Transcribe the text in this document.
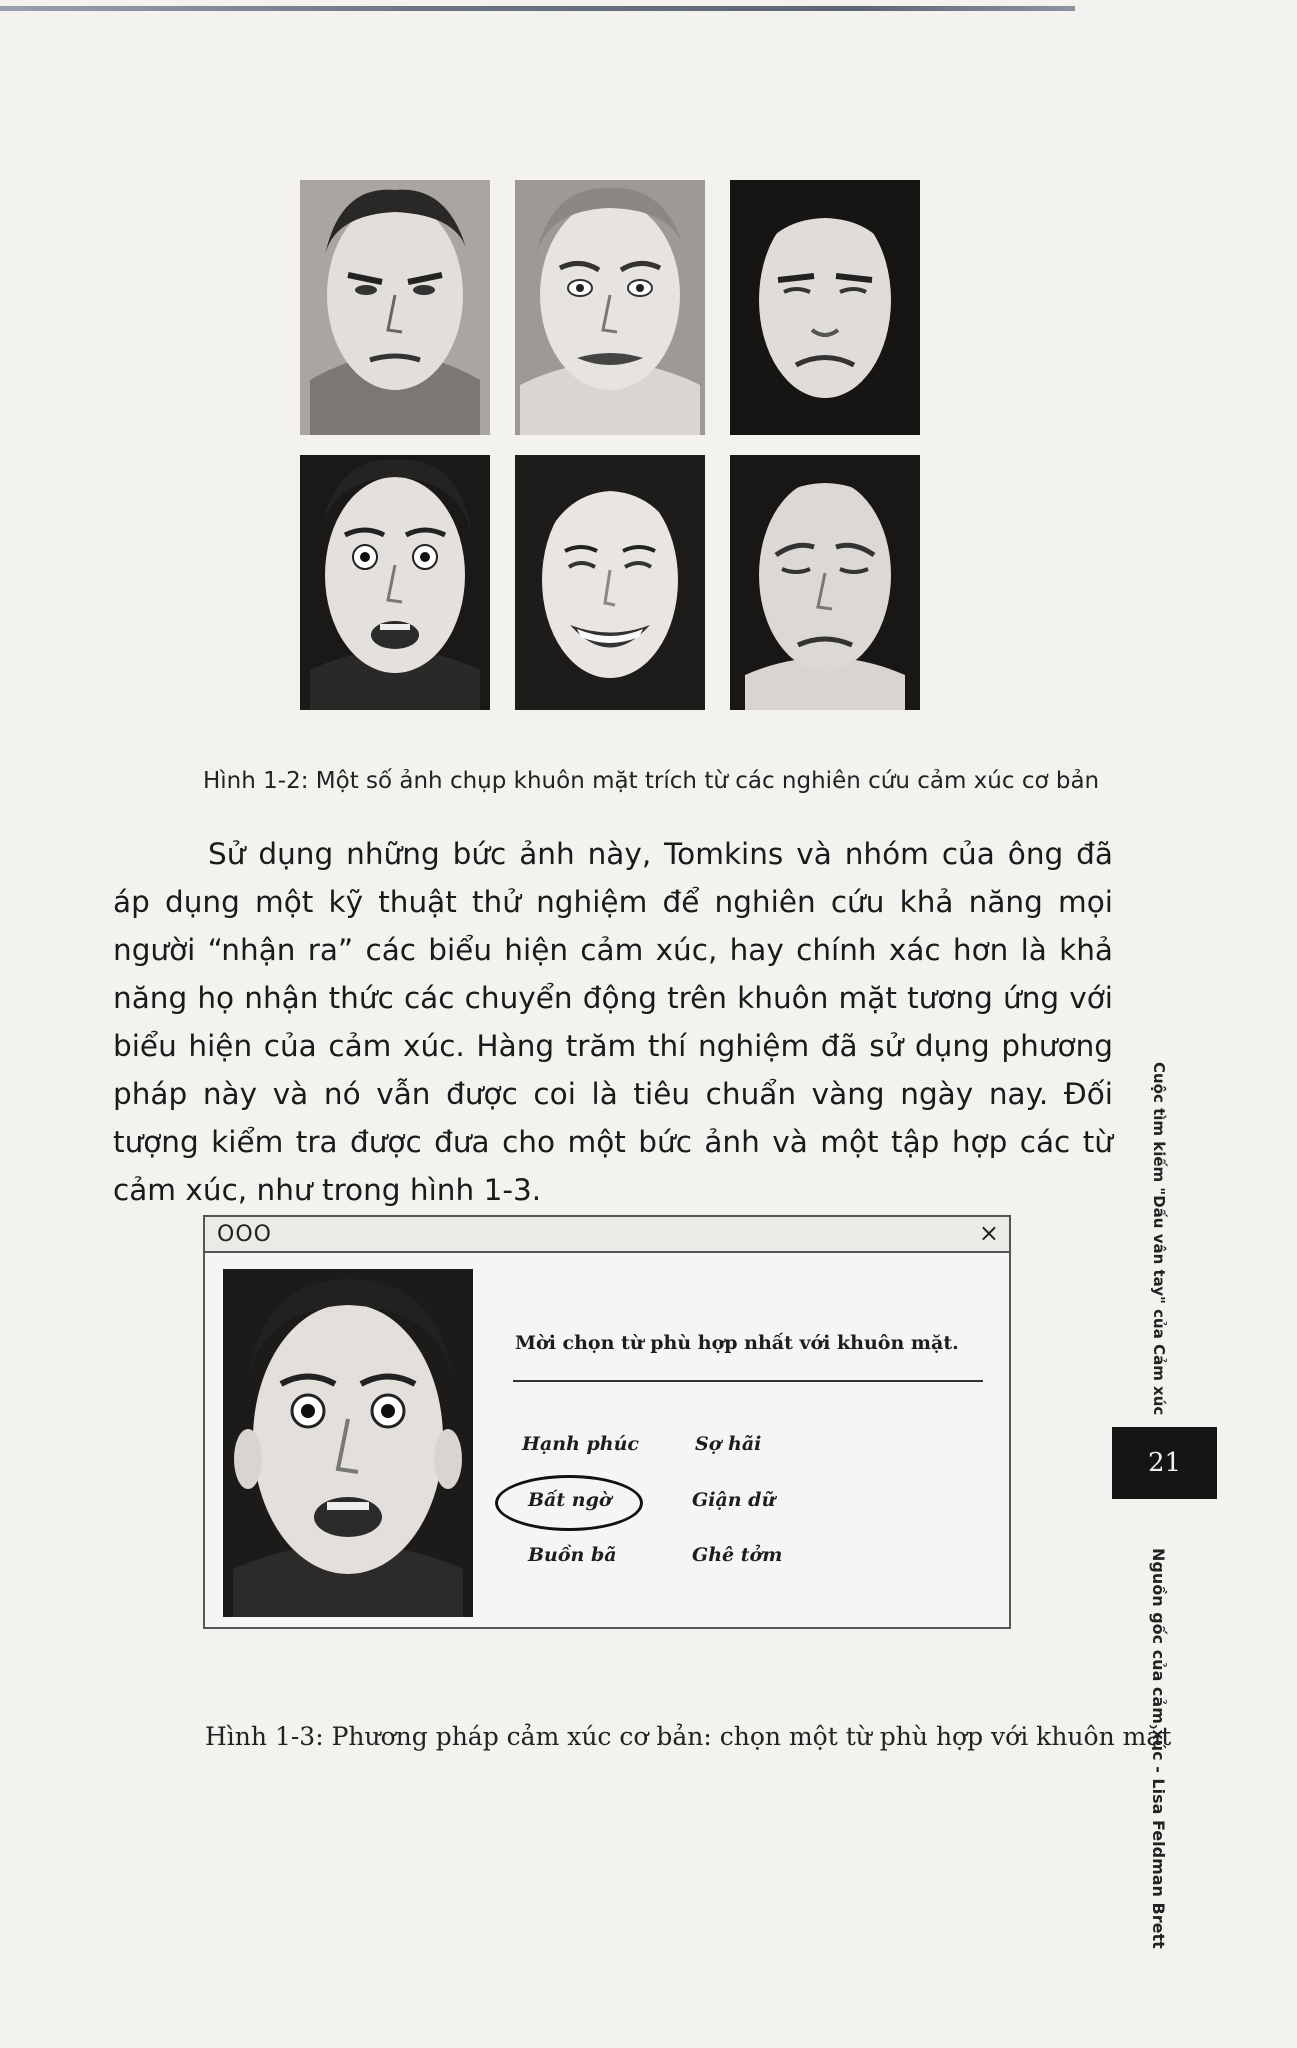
Hình 1-2: Một số ảnh chụp khuôn mặt trích từ các nghiên cứu cảm xúc cơ bản

Sử dụng những bức ảnh này, Tomkins và nhóm của ông đã áp dụng một kỹ thuật thử nghiệm để nghiên cứu khả năng mọi người “nhận ra” các biểu hiện cảm xúc, hay chính xác hơn là khả năng họ nhận thức các chuyển động trên khuôn mặt tương ứng với biểu hiện của cảm xúc. Hàng trăm thí nghiệm đã sử dụng phương pháp này và nó vẫn được coi là tiêu chuẩn vàng ngày nay. Đối tượng kiểm tra được đưa cho một bức ảnh và một tập hợp các từ cảm xúc, như trong hình 1-3.

OOO	×
Mời chọn từ phù hợp nhất với khuôn mặt.
Hạnh phúc	Sợ hãi
Bất ngờ	Giận dữ
Buồn bã	Ghê tởm
Hình 1-3: Phương pháp cảm xúc cơ bản: chọn một từ phù hợp với khuôn mặt
Cuộc tìm kiếm "Dấu vân tay" của Cảm xúc
21
Nguồn gốc của cảm xúc - Lisa Feldman Brett
